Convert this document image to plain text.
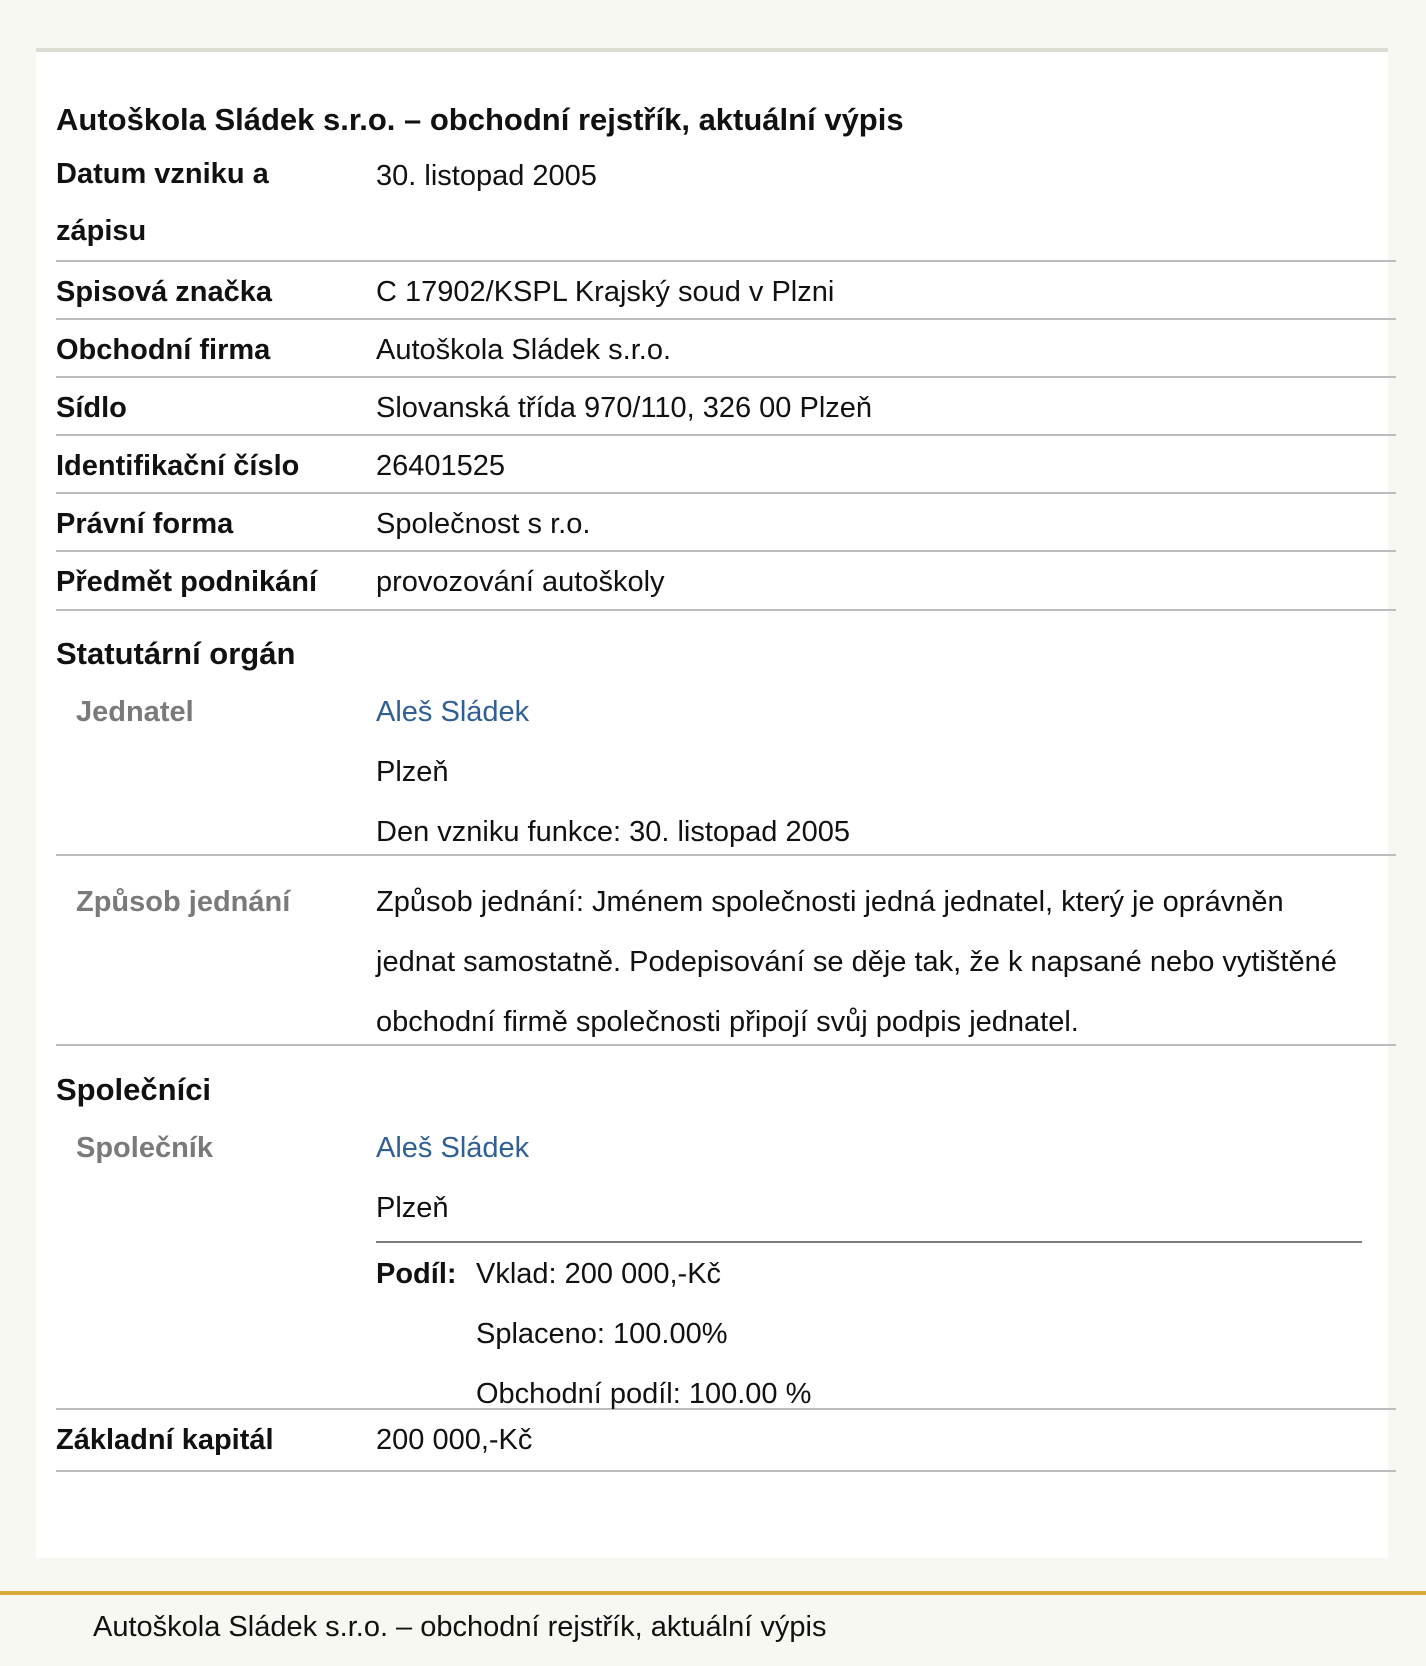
Autoškola Sládek s.r.o. – obchodní rejstřík, aktuální výpis
Datum vzniku a zápisu
30. listopad 2005
Spisová značka	C 17902/KSPL Krajský soud v Plzni
Obchodní firma	Autoškola Sládek s.r.o.
Sídlo	Slovanská třída 970/110, 326 00 Plzeň
Identifikační číslo	26401525
Právní forma	Společnost s r.o.
Předmět podnikání	provozování autoškoly
Statutární orgán
Jednatel	Aleš Sládek
Plzeň
Den vzniku funkce: 30. listopad 2005
Způsob jednání	Způsob jednání: Jménem společnosti jedná jednatel, který je oprávněn
jednat samostatně. Podepisování se děje tak, že k napsané nebo vytištěné
obchodní firmě společnosti připojí svůj podpis jednatel.
Společníci
Společník	Aleš Sládek
Plzeň
Podíl: Vklad: 200 000,-Kč
Splaceno: 100.00%
Obchodní podíl: 100.00 %
Základní kapitál	200 000,-Kč
Autoškola Sládek s.r.o. – obchodní rejstřík, aktuální výpis
